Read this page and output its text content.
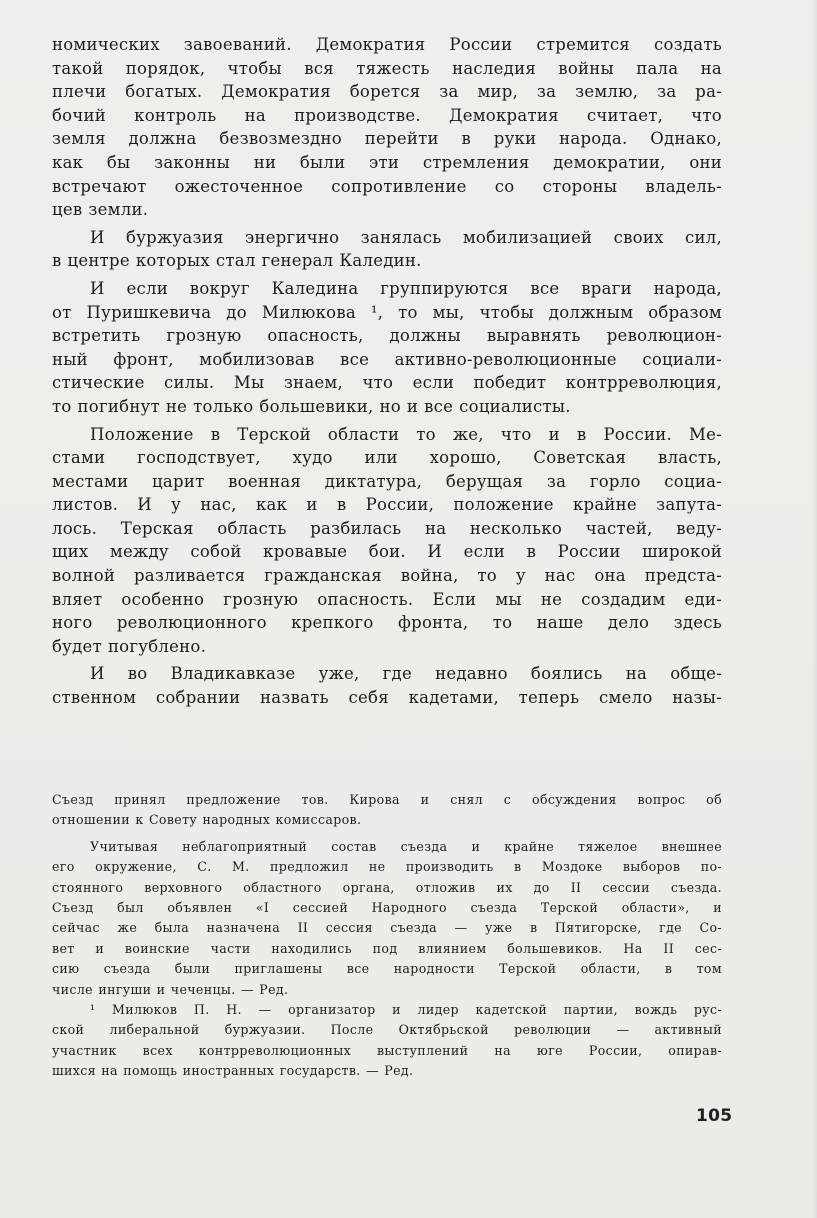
номических завоеваний. Демократия России стремится создать
такой порядок, чтобы вся тяжесть наследия войны пала на
плечи богатых. Демократия борется за мир, за землю, за ра-
бочий контроль на производстве. Демократия считает, что
земля должна безвозмездно перейти в руки народа. Однако,
как бы законны ни были эти стремления демократии, они
встречают ожесточенное сопротивление со стороны владель-
цев земли.
И буржуазия энергично занялась мобилизацией своих сил,
в центре которых стал генерал Каледин.
И если вокруг Каледина группируются все враги народа,
от Пуришкевича до Милюкова ¹, то мы, чтобы должным образом
встретить грозную опасность, должны выравнять революцион-
ный фронт, мобилизовав все активно-революционные социали-
стические силы. Мы знаем, что если победит контрреволюция,
то погибнут не только большевики, но и все социалисты.
Положение в Терской области то же, что и в России. Ме-
стами господствует, худо или хорошо, Советская власть,
местами царит военная диктатура, берущая за горло социа-
листов. И у нас, как и в России, положение крайне запута-
лось. Терская область разбилась на несколько частей, веду-
щих между собой кровавые бои. И если в России широкой
волной разливается гражданская война, то у нас она предста-
вляет особенно грозную опасность. Если мы не создадим еди-
ного революционного крепкого фронта, то наше дело здесь
будет погублено.
И во Владикавказе уже, где недавно боялись на обще-
ственном собрании назвать себя кадетами, теперь смело назы-
Съезд принял предложение тов. Кирова и снял с обсуждения вопрос об
отношении к Совету народных комиссаров.
Учитывая неблагоприятный состав съезда и крайне тяжелое внешнее
его окружение, С. М. предложил не производить в Моздоке выборов по-
стоянного верховного областного органа, отложив их до II сессии съезда.
Съезд был объявлен «I сессией Народного съезда Терской области», и
сейчас же была назначена II сессия съезда — уже в Пятигорске, где Со-
вет и воинские части находились под влиянием большевиков. На II сес-
сию съезда были приглашены все народности Терской области, в том
числе ингуши и чеченцы. — Ред.
¹ Милюков П. Н. — организатор и лидер кадетской партии, вождь рус-
ской либеральной буржуазии. После Октябрьской революции — активный
участник всех контрреволюционных выступлений на юге России, опирав-
шихся на помощь иностранных государств. — Ред.
105
